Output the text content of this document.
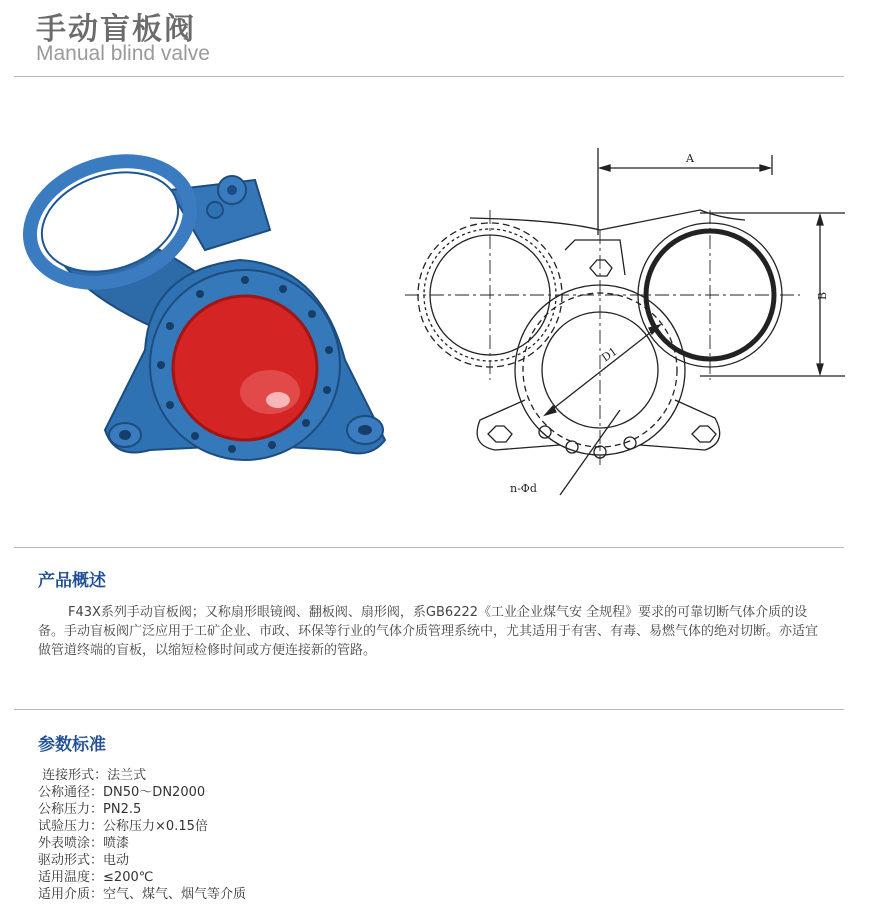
手动盲板阀
Manual blind valve
A
B
D1
n-Φd
产品概述

F43X系列手动盲板阀；又称扇形眼镜阀、翻板阀、扇形阀，系GB6222《工业企业煤气安 全规程》要求的可靠切断气体介质的设备。手动盲板阀广泛应用于工矿企业、市政、环保等行业的气体介质管理系统中，尤其适用于有害、有毒、易燃气体的绝对切断。亦适宜做管道终端的盲板，以缩短检修时间或方便连接新的管路。

参数标准
连接形式：法兰式
公称通径：DN50～DN2000
公称压力：PN2.5
试验压力：公称压力×0.15倍
外表喷涂：喷漆
驱动形式：电动
适用温度：≤200℃
适用介质：空气、煤气、烟气等介质
